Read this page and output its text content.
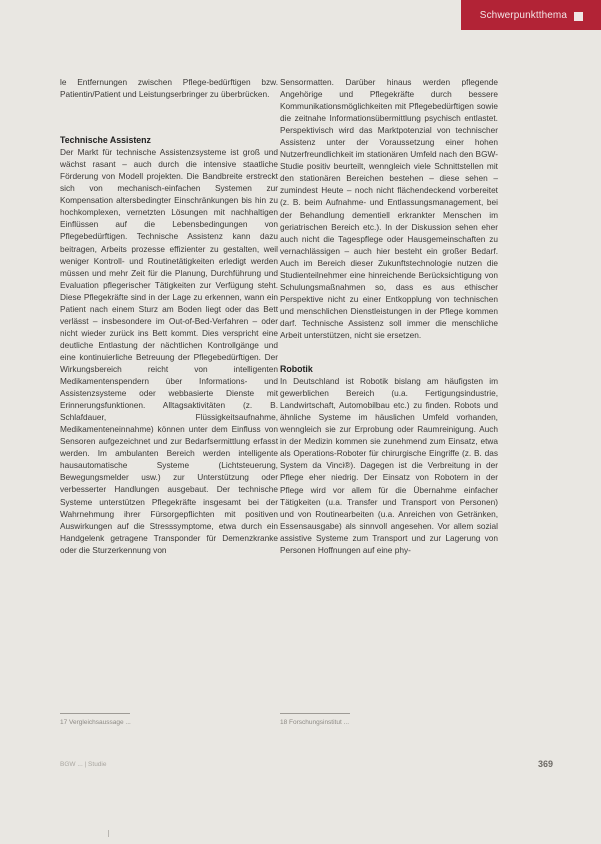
Schwerpunktthema

le Entfernungen zwischen Pflege-bedürftigen bzw. Patientin/Patient und Leistungserbringer zu überbrücken.

Technische Assistenz

Der Markt für technische Assistenzsysteme ist groß und wächst rasant – auch durch die intensive staatliche Förderung von Modell projekten. Die Bandbreite erstreckt sich von mechanisch-einfachen Systemen zur Kompensation altersbedingter Einschränkungen bis hin zu hochkomplexen, vernetzten Lösungen mit nachhaltigen Einflüssen auf die Lebensbedingungen von Pflegebedürftigen. Technische Assistenz kann dazu beitragen, Arbeits prozesse effizienter zu gestalten, weil weniger Kontroll- und Routinetätigkeiten erledigt werden müssen und mehr Zeit für die Planung, Durchführung und Evaluation pflegerischer Tätigkeiten zur Verfügung steht. Diese Pflegekräfte sind in der Lage zu erkennen, wann ein Patient nach einem Sturz am Boden liegt oder das Bett verlässt – insbesondere im Out-of-Bed-Verfahren – oder nicht wieder zurück ins Bett kommt. Dies verspricht eine deutliche Entlastung der nächtlichen Kontrollgänge und eine kontinuierliche Betreuung der Pflegebedürftigen. Der Wirkungsbereich reicht von intelligenten Medikamentenspendern über Informations- und Assistenzsysteme oder webbasierte Dienste mit Erinnerungsfunktionen. Alltagsaktivitäten (z. B. Schlafdauer, Flüssigkeitsaufnahme, Medikamenteneinnahme) können unter dem Einfluss von Sensoren aufgezeichnet und zur Bedarfsermittlung erfasst werden. Im ambulanten Bereich werden intelligente hausautomatische Systeme (Lichtsteuerung, Bewegungsmelder usw.) zur Unterstützung oder verbesserter Handlungen ausgebaut. Der technische Systeme unterstützen Pflegekräfte insgesamt bei der Wahrnehmung ihrer Fürsorgepflichten mit positiven Auswirkungen auf die Stresssymptome, etwa durch ein Handgelenk getragene Transponder für Demenzkranke oder die Sturzerkennung von

Sensormatten. Darüber hinaus werden pflegende Angehörige und Pflegekräfte durch bessere Kommunikationsmöglichkeiten mit Pflegebedürftigen sowie die zeitnahe Informationsübermittlung psychisch entlastet. Perspektivisch wird das Marktpotenzial von technischer Assistenz unter der Voraussetzung einer hohen Nutzerfreundlichkeit im stationären Umfeld nach den BGW-Studie positiv beurteilt, wenngleich viele Schnittstellen mit den stationären Bereichen bestehen – diese sehen – zumindest Heute – noch nicht flächendeckend vorbereitet (z. B. beim Aufnahme- und Entlassungsmanagement, bei der Behandlung dementiell erkrankter Menschen im geriatrischen Bereich etc.). In der Diskussion sehen eher auch nicht die Tagespflege oder Hausgemeinschaften zu vernachlässigen – auch hier besteht ein großer Bedarf. Auch im Bereich dieser Zukunftstechnologie nutzen die Studienteilnehmer eine hinreichende Berücksichtigung von Schulungsmaßnahmen so, dass es aus ethischer Perspektive nicht zu einer Entkopplung von technischen und menschlichen Dienstleistungen in der Pflege kommen darf. Technische Assistenz soll immer die menschliche Arbeit unterstützen, nicht sie ersetzen.

Robotik

In Deutschland ist Robotik bislang am häufigsten im gewerblichen Bereich (u.a. Fertigungsindustrie, Landwirtschaft, Automobilbau etc.) zu finden. Robots und ähnliche Systeme im häuslichen Umfeld vorhanden, wenngleich sie zur Erprobung oder Raumreinigung. Auch in der Medizin kommen sie zunehmend zum Einsatz, etwa als Operations-Roboter für chirurgische Eingriffe (z. B. das System da Vinci®). Dagegen ist die Verbreitung in der Pflege eher niedrig. Der Einsatz von Robotern in der Pflege wird vor allem für die Übernahme einfacher Tätigkeiten (u.a. Transfer und Transport von Personen) und von Routinearbeiten (u.a. Anreichen von Getränken, Essensausgabe) als sinnvoll angesehen. Vor allem sozial assistive Systeme zum Transport und zur Lagerung von Personen Hoffnungen auf eine phy-

17 Vergleichsaussage ...	18 Forschungsinstitut ...
BGW ... | Studie	369
